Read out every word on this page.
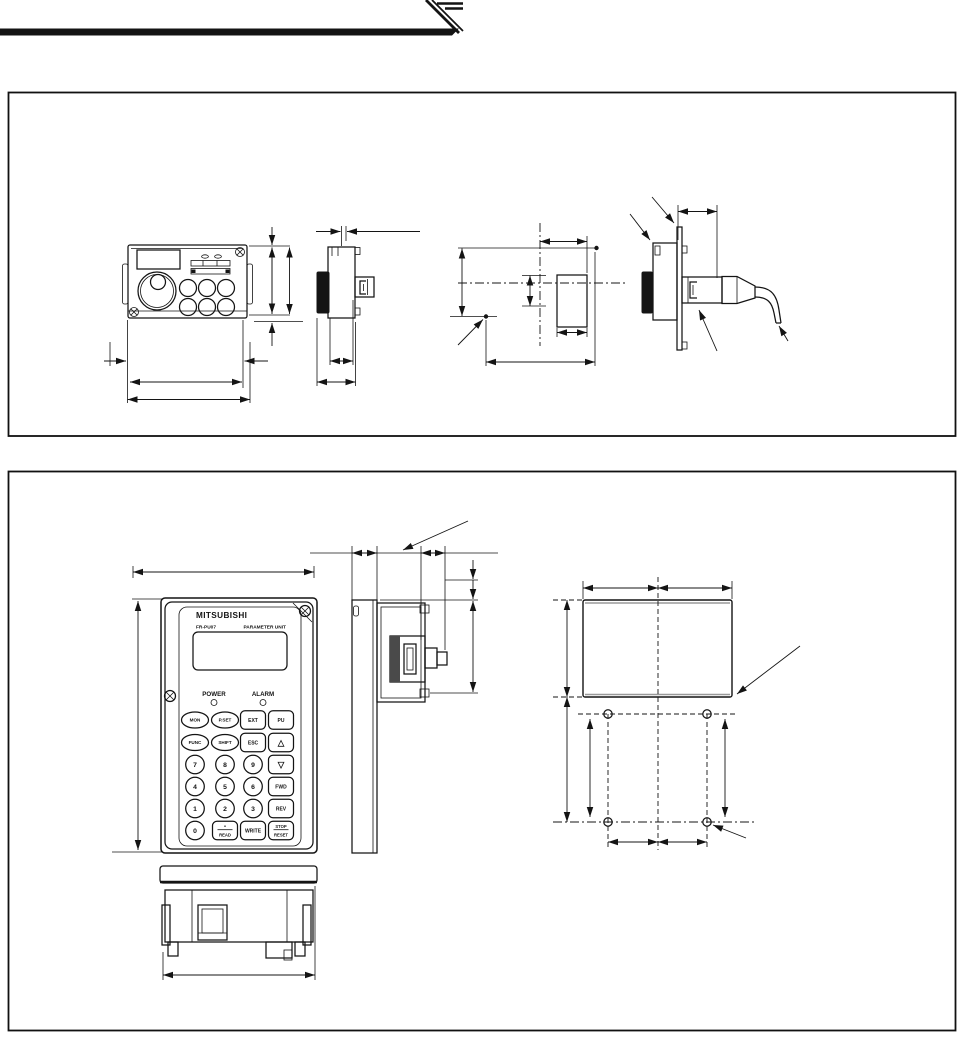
MITSUBISHI
FR-PU07	PARAMETER UNIT
POWER	ALARM
MON	P.SET	EXT	PU
FUNC	SHIFT	ESC △
7	8	9	▽
4	5	6	FWD
1	2	3	REV
0
•
READ
WRITE
STOP
RESET
